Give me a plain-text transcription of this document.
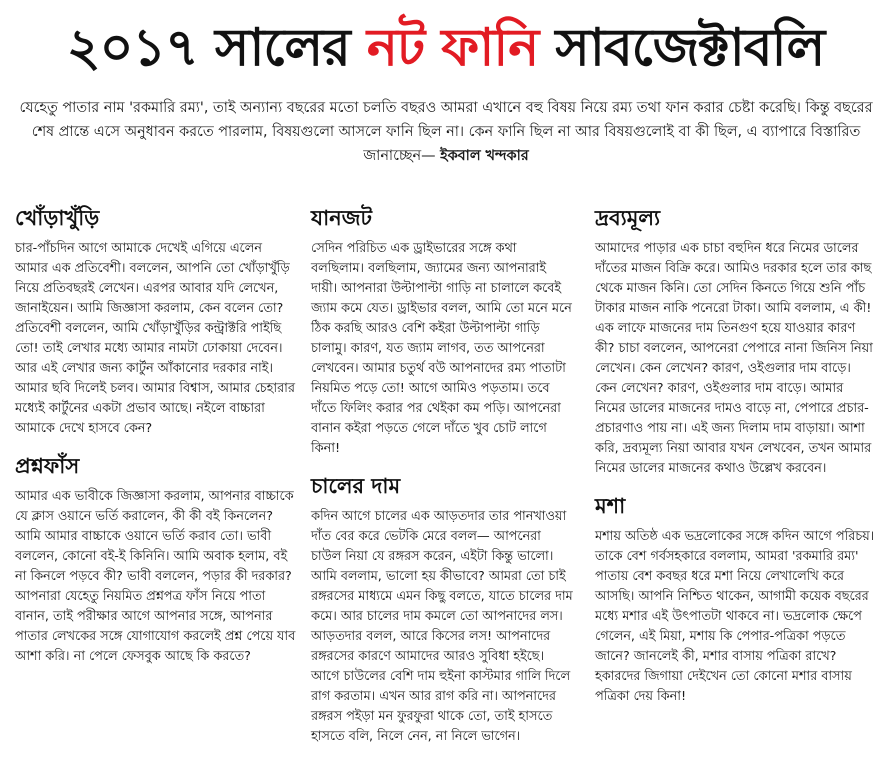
২০১৭ সালের নট ফানি সাবজেক্টাবলি
যেহেতু পাতার নাম 'রকমারি রম্য', তাই অন্যান্য বছরের মতো চলতি বছরও আমরা এখানে বহু বিষয় নিয়ে রম্য তথা ফান করার চেষ্টা করেছি। কিন্তু বছরের শেষ প্রান্তে এসে অনুধাবন করতে পারলাম, বিষয়গুলো আসলে ফানি ছিল না। কেন ফানি ছিল না আর বিষয়গুলোই বা কী ছিল, এ ব্যাপারে বিস্তারিত জানাচ্ছেন— ইকবাল খন্দকার
খোঁড়াখুঁড়ি
চার-পাঁচদিন আগে আমাকে দেখেই এগিয়ে এলেন আমার এক প্রতিবেশী। বললেন, আপনি তো খোঁড়াখুঁড়ি নিয়ে প্রতিবছরই লেখেন। এরপর আবার যদি লেখেন, জানাইয়েন। আমি জিজ্ঞাসা করলাম, কেন বলেন তো? প্রতিবেশী বললেন, আমি খোঁড়াখুঁড়ির কন্ট্রাক্টরি পাইছি তো! তাই লেখার মধ্যে আমার নামটা ঢোকায়া দেবেন। আর এই লেখার জন্য কার্টুন আঁকানোর দরকার নাই। আমার ছবি দিলেই চলব। আমার বিশ্বাস, আমার চেহারার মধ্যেই কার্টুনের একটা প্রভাব আছে। নইলে বাচ্চারা আমাকে দেখে হাসবে কেন?
প্রশ্নফাঁস
আমার এক ভাবীকে জিজ্ঞাসা করলাম, আপনার বাচ্চাকে যে ক্লাস ওয়ানে ভর্তি করালেন, কী কী বই কিনলেন? আমি আমার বাচ্চাকে ওয়ানে ভর্তি করাব তো। ভাবী বললেন, কোনো বই-ই কিনিনি। আমি অবাক হলাম, বই না কিনলে পড়বে কী? ভাবী বললেন, পড়ার কী দরকার? আপনারা যেহেতু নিয়মিত প্রশ্নপত্র ফাঁস নিয়ে পাতা বানান, তাই পরীক্ষার আগে আপনার সঙ্গে, আপনার পাতার লেখকের সঙ্গে যোগাযোগ করলেই প্রশ্ন পেয়ে যাব আশা করি। না পেলে ফেসবুক আছে কি করতে?
যানজট
সেদিন পরিচিত এক ড্রাইভারের সঙ্গে কথা বলছিলাম। বলছিলাম, জ্যামের জন্য আপনারাই দায়ী। আপনারা উল্টাপাল্টা গাড়ি না চালালে কবেই জ্যাম কমে যেত। ড্রাইভার বলল, আমি তো মনে মনে ঠিক করছি আরও বেশি কইরা উল্টাপাল্টা গাড়ি চালামু। কারণ, যত জ্যাম লাগব, তত আপনেরা লেখবেন। আমার চতুর্থ বউ আপনাদের রম্য পাতাটা নিয়মিত পড়ে তো! আগে আমিও পড়তাম। তবে দাঁতে ফিলিং করার পর থেইকা কম পড়ি। আপনেরা বানান কইরা পড়তে গেলে দাঁতে খুব চোট লাগে কিনা!
চালের দাম
কদিন আগে চালের এক আড়তদার তার পানখাওয়া দাঁত বের করে ভেটকি মেরে বলল— আপনেরা চাউল নিয়া যে রঙ্গরস করেন, এইটা কিন্তু ভালো। আমি বললাম, ভালো হয় কীভাবে? আমরা তো চাই রঙ্গরসের মাধ্যমে এমন কিছু বলতে, যাতে চালের দাম কমে। আর চালের দাম কমলে তো আপনাদের লস। আড়তদার বলল, আরে কিসের লস! আপনাদের রঙ্গরসের কারণে আমাদের আরও সুবিধা হইছে। আগে চাউলের বেশি দাম হুইনা কাস্টমার গালি দিলে রাগ করতাম। এখন আর রাগ করি না। আপনাদের রঙ্গরস পইড়া মন ফুরফুরা থাকে তো, তাই হাসতে হাসতে বলি, নিলে নেন, না নিলে ভাগেন।
দ্রব্যমূল্য
আমাদের পাড়ার এক চাচা বহুদিন ধরে নিমের ডালের দাঁতের মাজন বিক্রি করে। আমিও দরকার হলে তার কাছ থেকে মাজন কিনি। তো সেদিন কিনতে গিয়ে শুনি পাঁচ টাকার মাজন নাকি পনেরো টাকা। আমি বললাম, এ কী! এক লাফে মাজনের দাম তিনগুণ হয়ে যাওয়ার কারণ কী? চাচা বললেন, আপনেরা পেপারে নানা জিনিস নিয়া লেখেন। কেন লেখেন? কারণ, ওইগুলার দাম বাড়ে। কেন লেখেন? কারণ, ওইগুলার দাম বাড়ে। আমার নিমের ডালের মাজনের দামও বাড়ে না, পেপারে প্রচার-প্রচারণাও পায় না। এই জন্য দিলাম দাম বাড়ায়া। আশা করি, দ্রব্যমূল্য নিয়া আবার যখন লেখবেন, তখন আমার নিমের ডালের মাজনের কথাও উল্লেখ করবেন।
মশা
মশায় অতিষ্ঠ এক ভদ্রলোকের সঙ্গে কদিন আগে পরিচয়। তাকে বেশ গর্বসহকারে বললাম, আমরা 'রকমারি রম্য' পাতায় বেশ কবছর ধরে মশা নিয়ে লেখালেখি করে আসছি। আপনি নিশ্চিত থাকেন, আগামী কয়েক বছরের মধ্যে মশার এই উৎপাতটা থাকবে না। ভদ্রলোক ক্ষেপে গেলেন, এই মিয়া, মশায় কি পেপার-পত্রিকা পড়তে জানে? জানলেই কী, মশার বাসায় পত্রিকা রাখে? হকারদের জিগায়া দেইখেন তো কোনো মশার বাসায় পত্রিকা দেয় কিনা!
